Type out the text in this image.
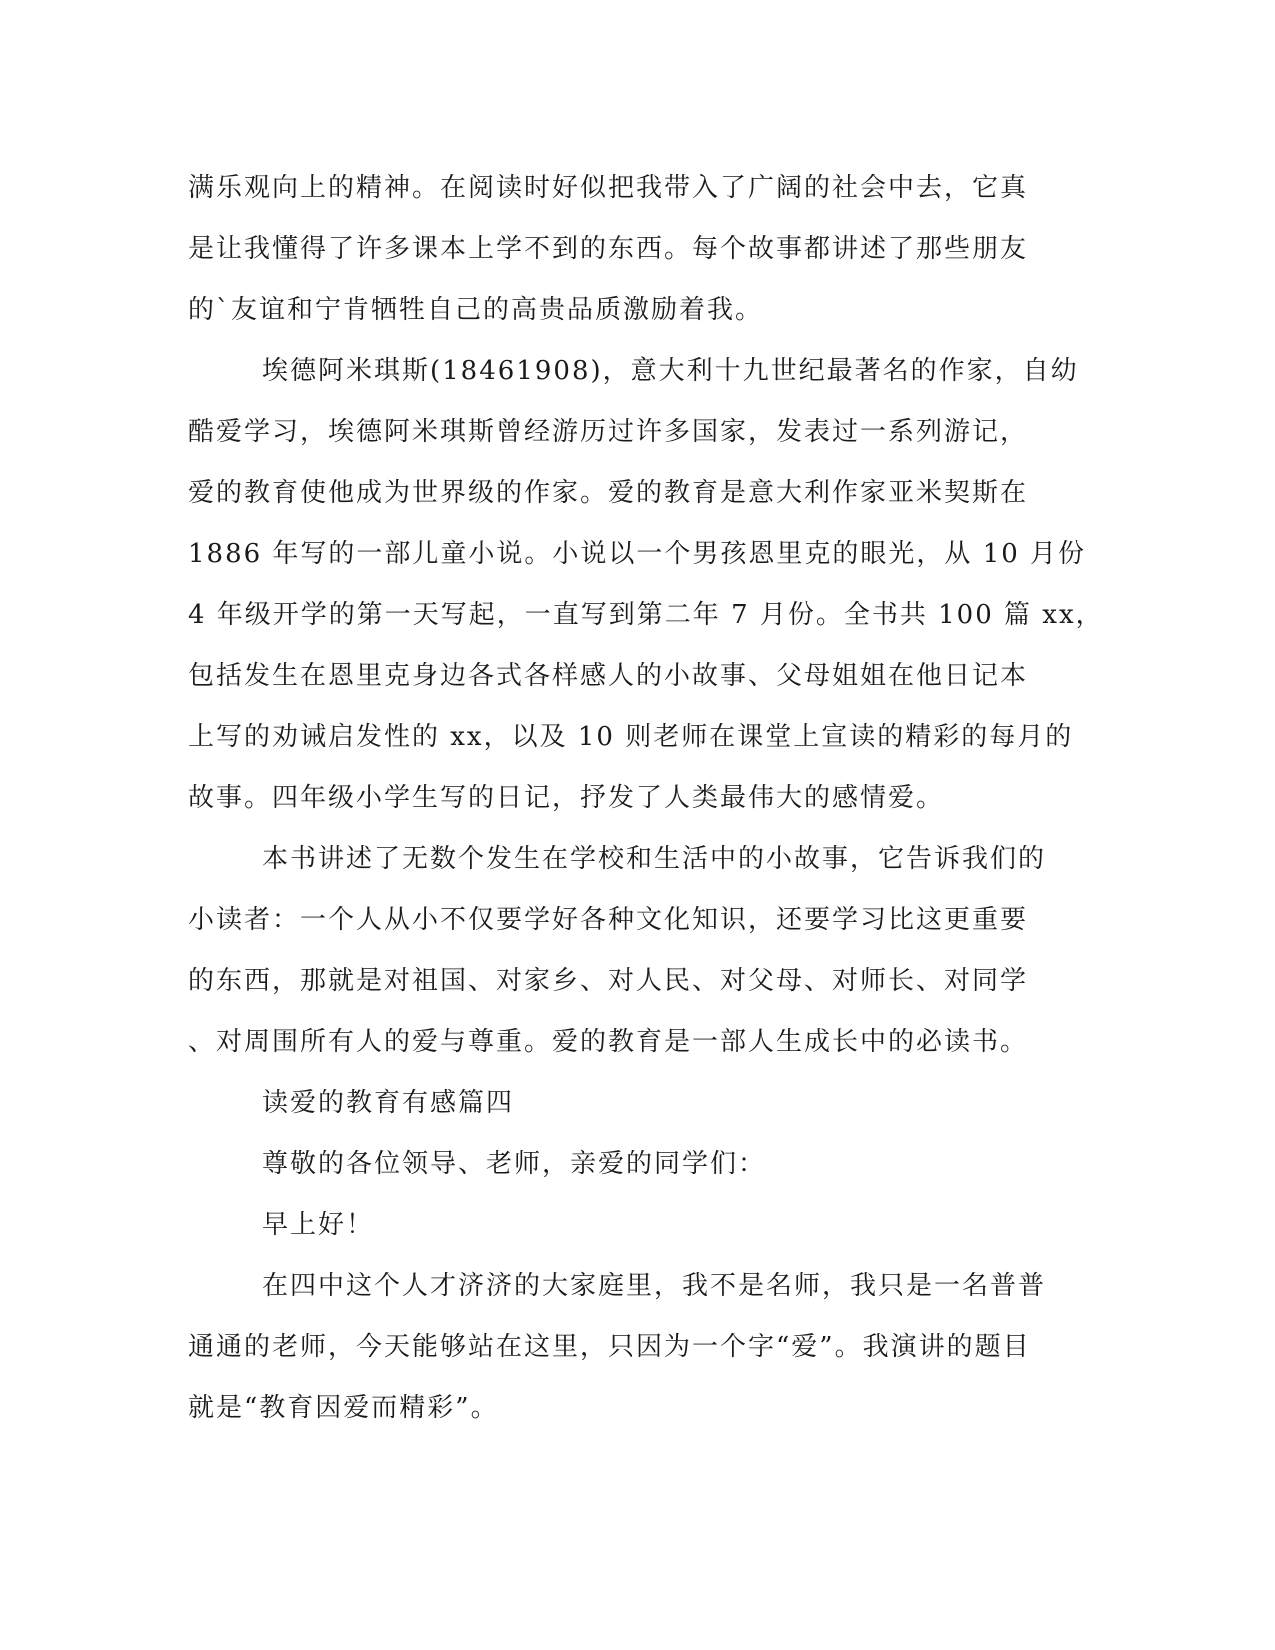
满乐观向上的精神。在阅读时好似把我带入了广阔的社会中去，它真
是让我懂得了许多课本上学不到的东西。每个故事都讲述了那些朋友
的`友谊和宁肯牺牲自己的高贵品质激励着我。
埃德阿米琪斯(18461908)，意大利十九世纪最著名的作家，自幼
酷爱学习，埃德阿米琪斯曾经游历过许多国家，发表过一系列游记，
爱的教育使他成为世界级的作家。爱的教育是意大利作家亚米契斯在
1886 年写的一部儿童小说。小说以一个男孩恩里克的眼光，从 10 月份
4 年级开学的第一天写起，一直写到第二年 7 月份。全书共 100 篇 xx，
包括发生在恩里克身边各式各样感人的小故事、父母姐姐在他日记本
上写的劝诫启发性的 xx，以及 10 则老师在课堂上宣读的精彩的每月的
故事。四年级小学生写的日记，抒发了人类最伟大的感情爱。
本书讲述了无数个发生在学校和生活中的小故事，它告诉我们的
小读者：一个人从小不仅要学好各种文化知识，还要学习比这更重要
的东西，那就是对祖国、对家乡、对人民、对父母、对师长、对同学
、对周围所有人的爱与尊重。爱的教育是一部人生成长中的必读书。
读爱的教育有感篇四
尊敬的各位领导、老师，亲爱的同学们：
早上好！
在四中这个人才济济的大家庭里，我不是名师，我只是一名普普
通通的老师，今天能够站在这里，只因为一个字“爱”。我演讲的题目
就是“教育因爱而精彩”。
